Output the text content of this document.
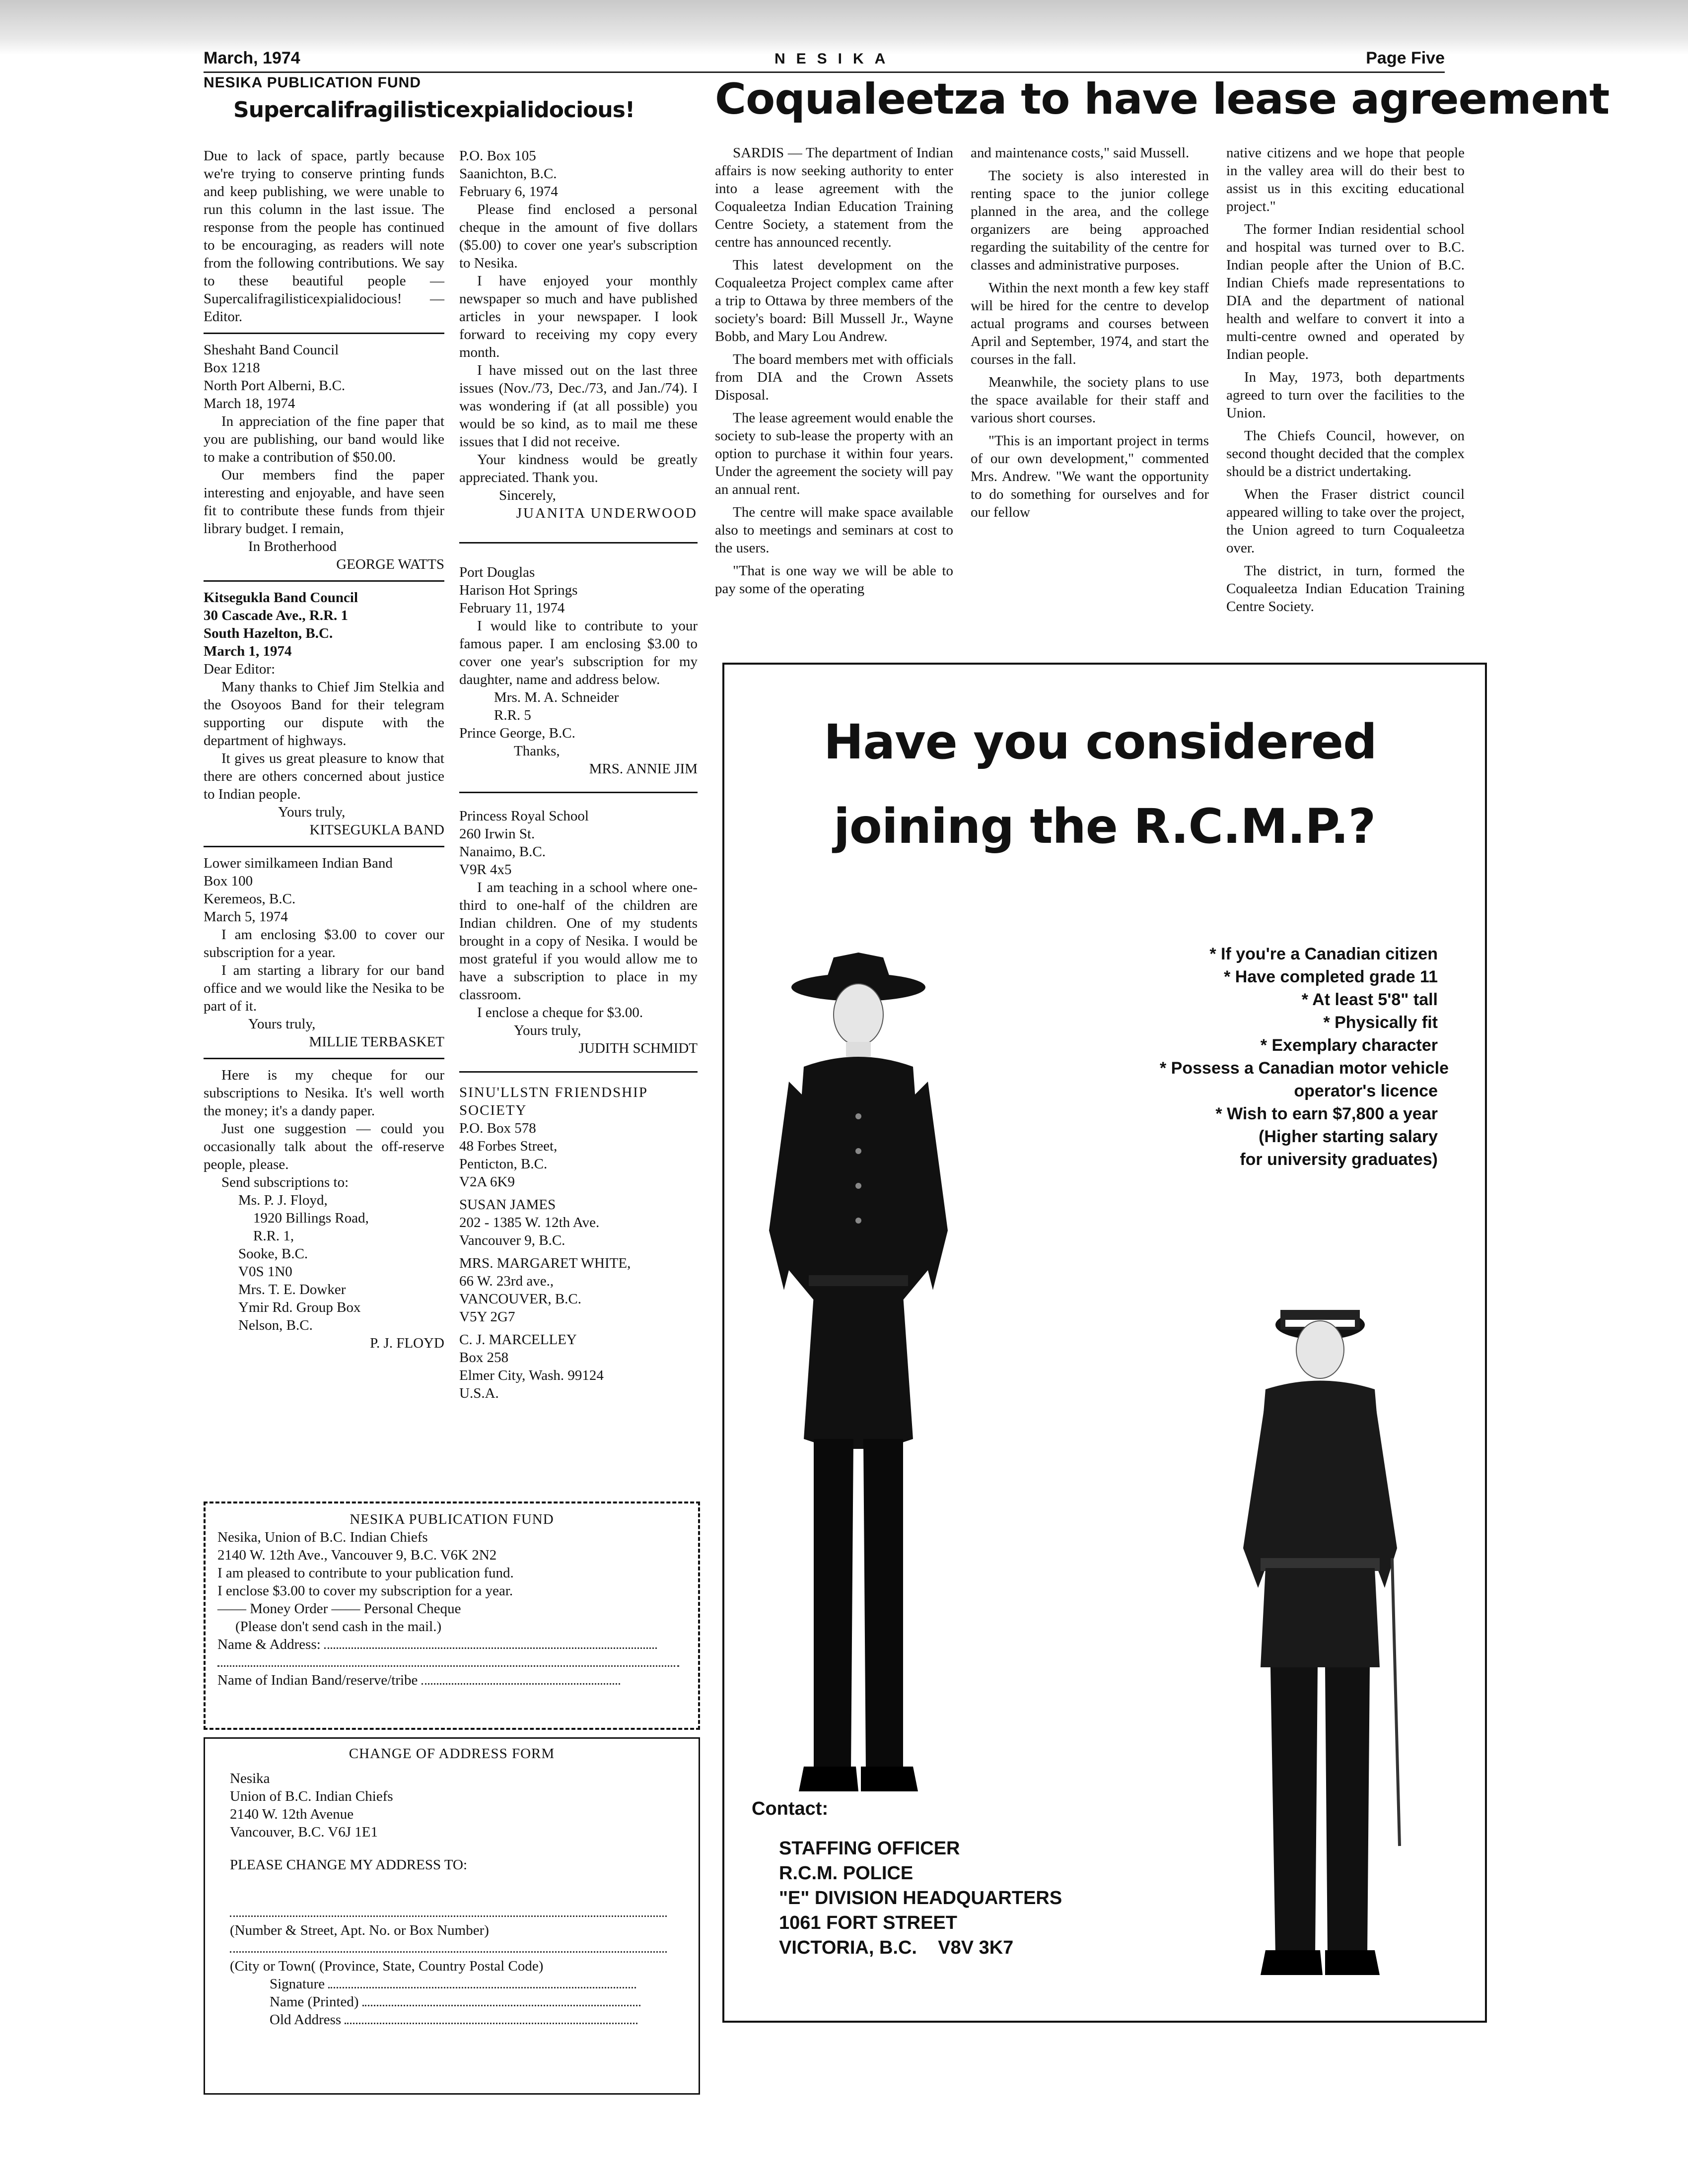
March, 1974	NESIKA	Page Five
NESIKA PUBLICATION FUND
Supercalifragilisticexpialidocious!

Due to lack of space, partly because we're trying to conserve printing funds and keep publishing, we were unable to run this column in the last issue. The response from the people has continued to be encouraging, as readers will note from the following contributions. We say to these beautiful people — Supercalifragilisticexpialidocious! — Editor.

Sheshaht Band Council

Box 1218

North Port Alberni, B.C.

March 18, 1974

In appreciation of the fine paper that you are publishing, our band would like to make a contribution of $50.00.

Our members find the paper interesting and enjoyable, and have seen fit to contribute these funds from thjeir library budget. I remain,

In Brotherhood

GEORGE WATTS

Kitsegukla Band Council

30 Cascade Ave., R.R. 1

South Hazelton, B.C.

March 1, 1974

Dear Editor:

Many thanks to Chief Jim Stelkia and the Osoyoos Band for their telegram supporting our dispute with the department of highways.

It gives us great pleasure to know that there are others concerned about justice to Indian people.

Yours truly,

KITSEGUKLA BAND

Lower similkameen Indian Band

Box 100

Keremeos, B.C.

March 5, 1974

I am enclosing $3.00 to cover our subscription for a year.

I am starting a library for our band office and we would like the Nesika to be part of it.

Yours truly,

MILLIE TERBASKET

Here is my cheque for our subscriptions to Nesika. It's well worth the money; it's a dandy paper.

Just one suggestion — could you occasionally talk about the off-reserve people, please.

Send subscriptions to:

Ms. P. J. Floyd,

1920 Billings Road,

R.R. 1,

Sooke, B.C.

V0S 1N0

Mrs. T. E. Dowker

Ymir Rd. Group Box

Nelson, B.C.

P. J. FLOYD

P.O. Box 105

Saanichton, B.C.

February 6, 1974

Please find enclosed a personal cheque in the amount of five dollars ($5.00) to cover one year's subscription to Nesika.

I have enjoyed your monthly newspaper so much and have published articles in your newspaper. I look forward to receiving my copy every month.

I have missed out on the last three issues (Nov./73, Dec./73, and Jan./74). I was wondering if (at all possible) you would be so kind, as to mail me these issues that I did not receive.

Your kindness would be greatly appreciated. Thank you.

Sincerely,

JUANITA UNDERWOOD

Port Douglas

Harison Hot Springs

February 11, 1974

I would like to contribute to your famous paper. I am enclosing $3.00 to cover one year's subscription for my daughter, name and address below.

Mrs. M. A. Schneider

R.R. 5

Prince George, B.C.

Thanks,

MRS. ANNIE JIM

Princess Royal School

260 Irwin St.

Nanaimo, B.C.

V9R 4x5

I am teaching in a school where one-third to one-half of the children are Indian children. One of my students brought in a copy of Nesika. I would be most grateful if you would allow me to have a subscription to place in my classroom.

I enclose a cheque for $3.00.

Yours truly,

JUDITH SCHMIDT

SINU'LLSTN FRIENDSHIP SOCIETY

P.O. Box 578

48 Forbes Street,

Penticton, B.C.

V2A 6K9

SUSAN JAMES

202 - 1385 W. 12th Ave.

Vancouver 9, B.C.

MRS. MARGARET WHITE,

66 W. 23rd ave.,

VANCOUVER, B.C.

V5Y 2G7

C. J. MARCELLEY

Box 258

Elmer City, Wash. 99124

U.S.A.

NESIKA PUBLICATION FUND
Nesika, Union of B.C. Indian Chiefs
2140 W. 12th Ave., Vancouver 9, B.C. V6K 2N2
I am pleased to contribute to your publication fund.
I enclose $3.00 to cover my subscription for a year.
—— Money Order —— Personal Cheque
(Please don't send cash in the mail.)
Name & Address:
Name of Indian Band/reserve/tribe
CHANGE OF ADDRESS FORM
Nesika
Union of B.C. Indian Chiefs
2140 W. 12th Avenue
Vancouver, B.C. V6J 1E1
PLEASE CHANGE MY ADDRESS TO:
(Number & Street, Apt. No. or Box Number)
(City or Town( (Province, State, Country Postal Code)
Signature
Name (Printed)
Old Address
Coqualeetza to have lease agreement

SARDIS — The department of Indian affairs is now seeking authority to enter into a lease agreement with the Coqualeetza Indian Education Training Centre Society, a statement from the centre has announced recently.

This latest development on the Coqualeetza Project complex came after a trip to Ottawa by three members of the society's board: Bill Mussell Jr., Wayne Bobb, and Mary Lou Andrew.

The board members met with officials from DIA and the Crown Assets Disposal.

The lease agreement would enable the society to sub-lease the property with an option to purchase it within four years. Under the agreement the society will pay an annual rent.

The centre will make space available also to meetings and seminars at cost to the users.

"That is one way we will be able to pay some of the operating

and maintenance costs," said Mussell.

The society is also interested in renting space to the junior college planned in the area, and the college organizers are being approached regarding the suitability of the centre for classes and administrative purposes.

Within the next month a few key staff will be hired for the centre to develop actual programs and courses between April and September, 1974, and start the courses in the fall.

Meanwhile, the society plans to use the space available for their staff and various short courses.

"This is an important project in terms of our own development," commented Mrs. Andrew. "We want the opportunity to do something for ourselves and for our fellow

native citizens and we hope that people in the valley area will do their best to assist us in this exciting educational project."

The former Indian residential school and hospital was turned over to B.C. Indian people after the Union of B.C. Indian Chiefs made representations to DIA and the department of national health and welfare to convert it into a multi-centre owned and operated by Indian people.

In May, 1973, both departments agreed to turn over the facilities to the Union.

The Chiefs Council, however, on second thought decided that the complex should be a district undertaking.

When the Fraser district council appeared willing to take over the project, the Union agreed to turn Coqualeetza over.

The district, in turn, formed the Coqualeetza Indian Education Training Centre Society.

Have you considered
joining the R.C.M.P.?
* If you're a Canadian citizen
* Have completed grade 11
* At least 5'8" tall
* Physically fit
* Exemplary character
* Possess a Canadian motor vehicle
operator's licence
* Wish to earn $7,800 a year
(Higher starting salary
for university graduates)
Contact:
STAFFING OFFICER
R.C.M. POLICE
"E" DIVISION HEADQUARTERS
1061 FORT STREET
VICTORIA, B.C.    V8V 3K7
